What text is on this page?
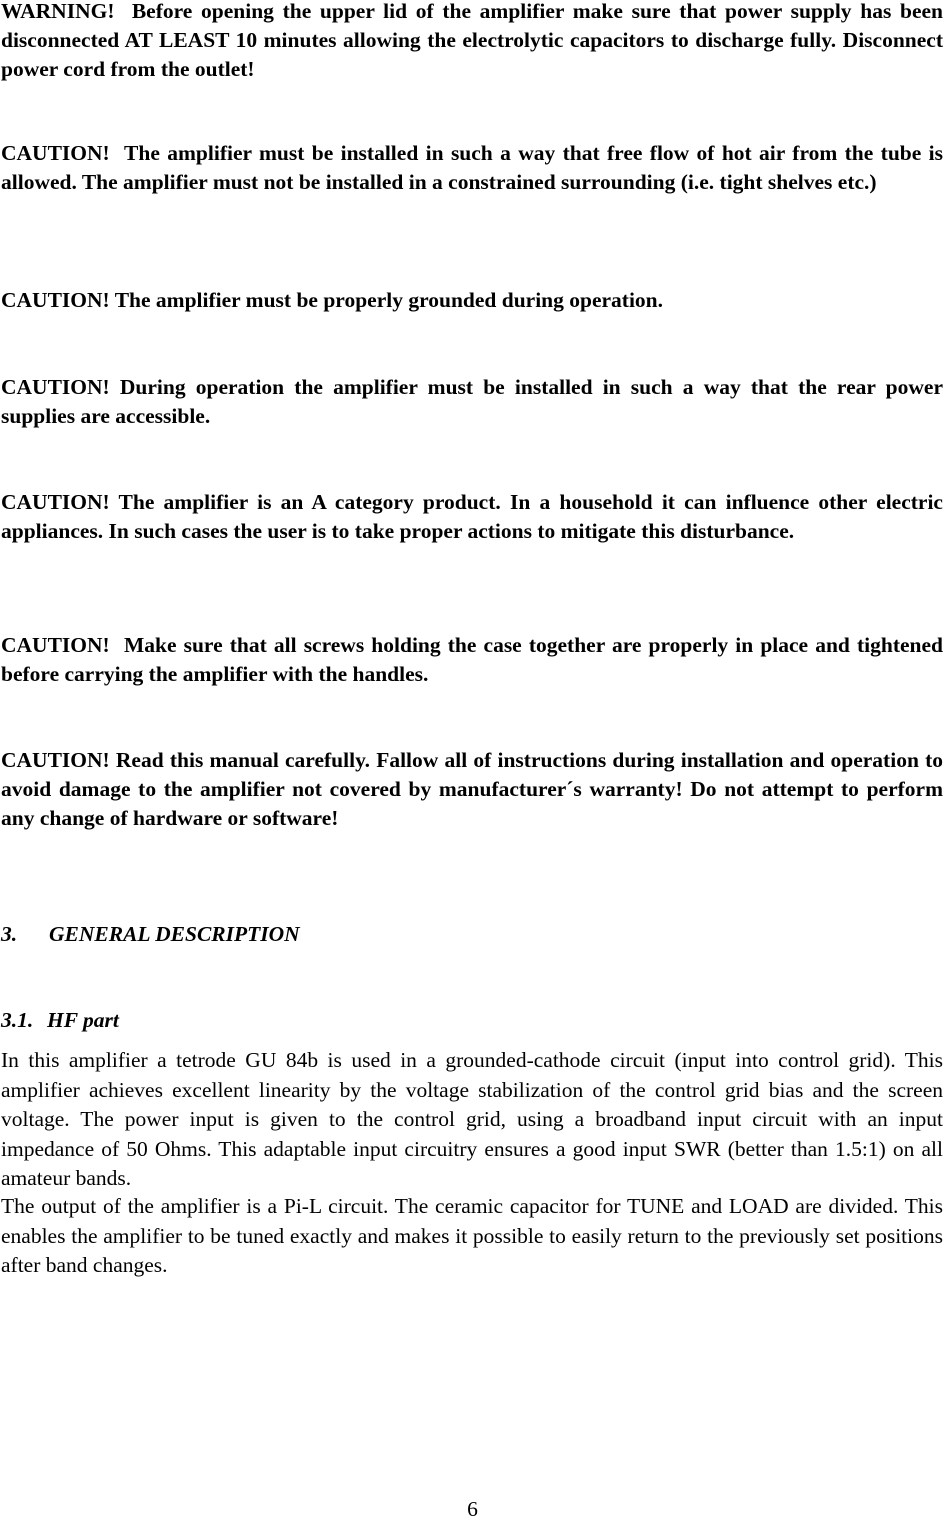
WARNING! Before opening the upper lid of the amplifier make sure that power supply has been disconnected AT LEAST 10 minutes allowing the electrolytic capacitors to discharge fully. Disconnect power cord from the outlet!

CAUTION! The amplifier must be installed in such a way that free flow of hot air from the tube is allowed. The amplifier must not be installed in a constrained surrounding (i.e. tight shelves etc.)

CAUTION! The amplifier must be properly grounded during operation.

CAUTION! During operation the amplifier must be installed in such a way that the rear power supplies are accessible.

CAUTION! The amplifier is an A category product. In a household it can influence other electric appliances. In such cases the user is to take proper actions to mitigate this disturbance.

CAUTION! Make sure that all screws holding the case together are properly in place and tightened before carrying the amplifier with the handles.

CAUTION! Read this manual carefully. Fallow all of instructions during installation and operation to avoid damage to the amplifier not covered by manufacturer´s warranty! Do not attempt to perform any change of hardware or software!

3. GENERAL DESCRIPTION
3.1. HF part

In this amplifier a tetrode GU 84b is used in a grounded-cathode circuit (input into control grid). This amplifier achieves excellent linearity by the voltage stabilization of the control grid bias and the screen voltage. The power input is given to the control grid, using a broadband input circuit with an input impedance of 50 Ohms. This adaptable input circuitry ensures a good input SWR (better than 1.5:1) on all amateur bands.

The output of the amplifier is a Pi-L circuit. The ceramic capacitor for TUNE and LOAD are divided. This enables the amplifier to be tuned exactly and makes it possible to easily return to the previously set positions after band changes.

6
